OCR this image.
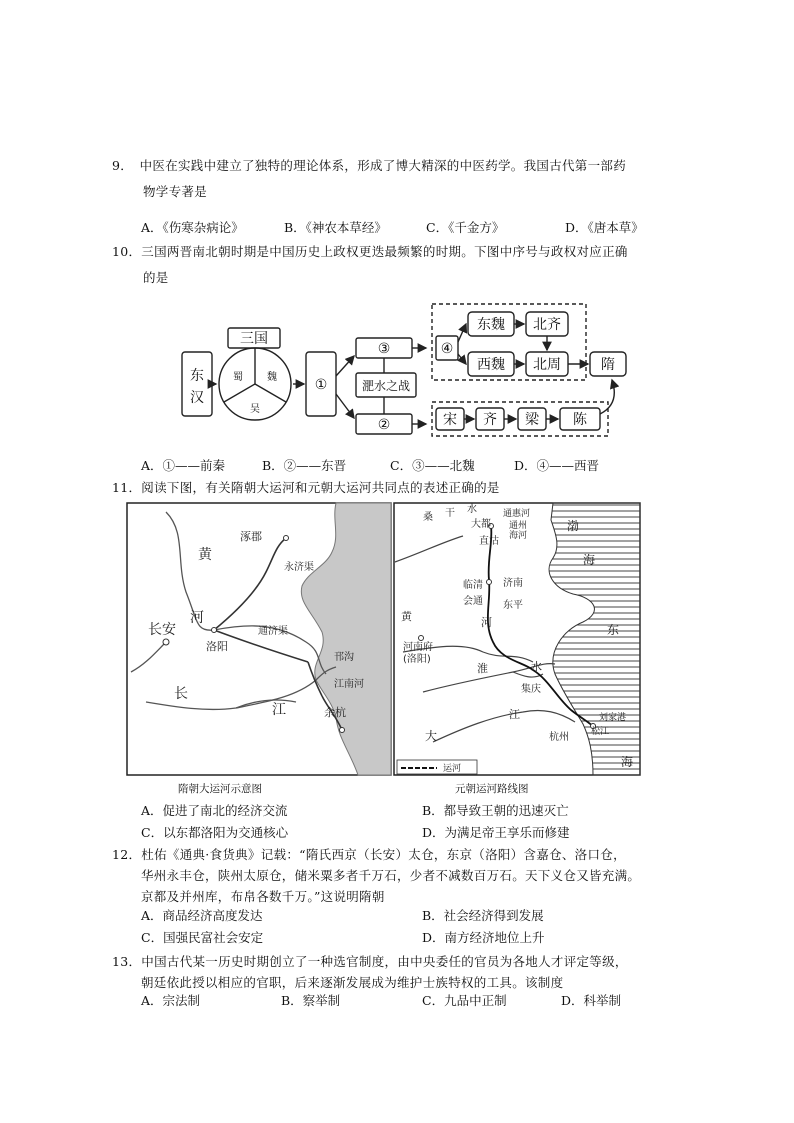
9．　中医在实践中建立了独特的理论体系，形成了博大精深的中医药学。我国古代第一部药
物学专著是
A．《伤寒杂病论》	B．《神农本草经》	C．《千金方》	D．《唐本草》
10．三国两晋南北朝时期是中国历史上政权更迭最频繁的时期。下图中序号与政权对应正确
的是
东
汉
三国
蜀 魏
吴
①
③
②
淝水之战
④
东魏 北齐
西魏 北周	隋
宋 齐 梁 陈
A．①——前秦	B．②——东晋	C．③——北魏	D．④——西晋
11．阅读下图，有关隋朝大运河和元朝大运河共同点的表述正确的是
黄
河
长
江
长安
洛阳
涿郡
永济渠
通济渠
邗沟
江南河
余杭
隋朝大运河示意图
桑 干 水
大都
通惠河
通州
海河
直沽
渤
海
临清 济南
会通 东平
黄	河
河南府
(洛阳)
东
淮	水
集庆
江
大
刘家港
松江
杭州
海
运河
元朝运河路线图
A．促进了南北的经济交流	B．都导致王朝的迅速灭亡
C．以东都洛阳为交通核心	D．为满足帝王享乐而修建
12．杜佑《通典·食货典》记载：“隋氏西京（长安）太仓，东京（洛阳）含嘉仓、洛口仓，
华州永丰仓，陕州太原仓，储米粟多者千万石，少者不减数百万石。天下义仓又皆充满。
京都及并州库，布帛各数千万。”这说明隋朝
A．商品经济高度发达	B．社会经济得到发展
C．国强民富社会安定	D．南方经济地位上升
13．中国古代某一历史时期创立了一种选官制度，由中央委任的官员为各地人才评定等级，
朝廷依此授以相应的官职，后来逐渐发展成为维护士族特权的工具。该制度
A．宗法制	B．察举制	C．九品中正制	D．科举制
